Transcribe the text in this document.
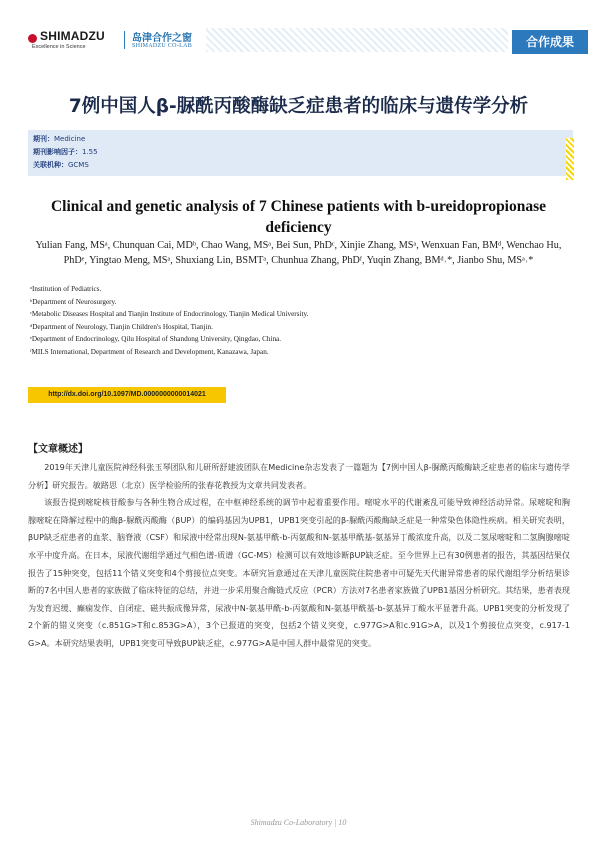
SHIMADZU
Excellence in Science
岛津合作之窗
SHIMADZU CO-LAB	合作成果
7例中国人β-脲酰丙酸酶缺乏症患者的临床与遗传学分析
期刊：Medicine
期刊影响因子：1.55
关联机种：GCMS
Clinical and genetic analysis of 7 Chinese patients with b-ureidopropionase deficiency
Yulian Fang, MSᵃ, Chunquan Cai, MDᵇ, Chao Wang, MSᵃ, Bei Sun, PhDᶜ, Xinjie Zhang, MSᵃ, Wenxuan Fan, BMᵈ, Wenchao Hu, PhDᵉ, Yingtao Meng, MSᵃ, Shuxiang Lin, BSMTᵃ, Chunhua Zhang, PhDᶠ, Yuqin Zhang, BMᵈ˒*, Jianbo Shu, MSᵃ˒*
ᵃInstitution of Pediatrics.
ᵇDepartment of Neurosurgery.
ᶜMetabolic Diseases Hospital and Tianjin Institute of Endocrinology, Tianjin Medical University.
ᵈDepartment of Neurology, Tianjin Children's Hospital, Tianjin.
ᵉDepartment of Endocrinology, Qilu Hospital of Shandong University, Qingdao, China.
ᶠMILS International, Department of Research and Development, Kanazawa, Japan.
http://dx.doi.org/10.1097/MD.0000000000014021
【文章概述】

2019年天津儿童医院神经科张玉琴团队和儿研所舒建波团队在Medicine杂志发表了一篇题为【7例中国人β-脲酰丙酸酶缺乏症患者的临床与遗传学分析】研究报告。敏路思（北京）医学检验所的张春花教授为文章共同发表者。

该报告提到嘧啶核苷酸参与各种生物合成过程，在中枢神经系统的调节中起着重要作用。嘧啶水平的代谢紊乱可能导致神经活动异常。尿嘧啶和胸腺嘧啶在降解过程中的酶β-脲酰丙酸酶（βUP）的编码基因为UPB1，UPB1突变引起的β-脲酰丙酸酶缺乏症是一种常染色体隐性疾病。相关研究表明，βUP缺乏症患者的血浆、脑脊液（CSF）和尿液中经常出现N-氨基甲酰-b-丙氨酸和N-氨基甲酰基-氨基异丁酸浓度升高，以及二氢尿嘧啶和二氢胸腺嘧啶水平中度升高。在日本，尿液代谢组学通过气相色谱-质谱（GC-MS）检测可以有效地诊断βUP缺乏症。至今世界上已有30例患者的报告，其基因结果仅报告了15种突变，包括11个错义突变和4个剪接位点突变。本研究旨意通过在天津儿童医院住院患者中可疑先天代谢异常患者的尿代谢组学分析结果诊断的7名中国人患者的家族做了临床特征的总结，并进一步采用聚合酶链式反应（PCR）方法对7名患者家族做了UPB1基因分析研究。其结果，患者表现为发育迟缓、癫痫发作、自闭症、磁共振成像异常，尿液中N-氨基甲酰-b-丙氨酸和N-氨基甲酰基-b-氨基异丁酸水平显著升高。UPB1突变的分析发现了2个新的错义突变（c.851G>T和c.853G>A），3个已报道的突变，包括2个错义突变，c.977G>A和c.91G>A，以及1个剪接位点突变，c.917-1 G>A。本研究结果表明，UPB1突变可导致βUP缺乏症，c.977G>A是中国人群中最常见的突变。

Shimadzu Co-Laboratory | 10
